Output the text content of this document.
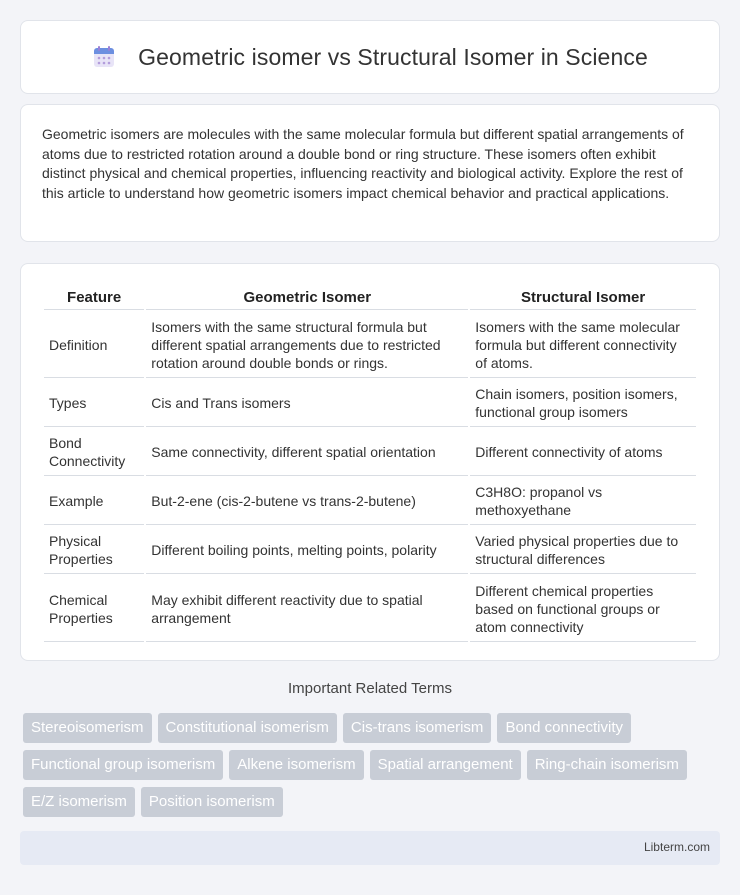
Geometric isomer vs Structural Isomer in Science

Geometric isomers are molecules with the same molecular formula but different spatial arrangements of atoms due to restricted rotation around a double bond or ring structure. These isomers often exhibit distinct physical and chemical properties, influencing reactivity and biological activity. Explore the rest of this article to understand how geometric isomers impact chemical behavior and practical applications.

Feature	Geometric Isomer	Structural Isomer
Definition	Isomers with the same structural formula but different spatial arrangements due to restricted rotation around double bonds or rings.	Isomers with the same molecular formula but different connectivity of atoms.
Types	Cis and Trans isomers	Chain isomers, position isomers, functional group isomers
Bond Connectivity	Same connectivity, different spatial orientation	Different connectivity of atoms
Example	But-2-ene (cis-2-butene vs trans-2-butene)	C3H8O: propanol vs methoxyethane
Physical Properties	Different boiling points, melting points, polarity	Varied physical properties due to structural differences
Chemical Properties	May exhibit different reactivity due to spatial arrangement	Different chemical properties based on functional groups or atom connectivity
Important Related Terms
Stereoisomerism	Constitutional isomerism	Cis-trans isomerism	Bond connectivity
Functional group isomerism	Alkene isomerism	Spatial arrangement	Ring-chain isomerism
E/Z isomerism	Position isomerism
Libterm.com
